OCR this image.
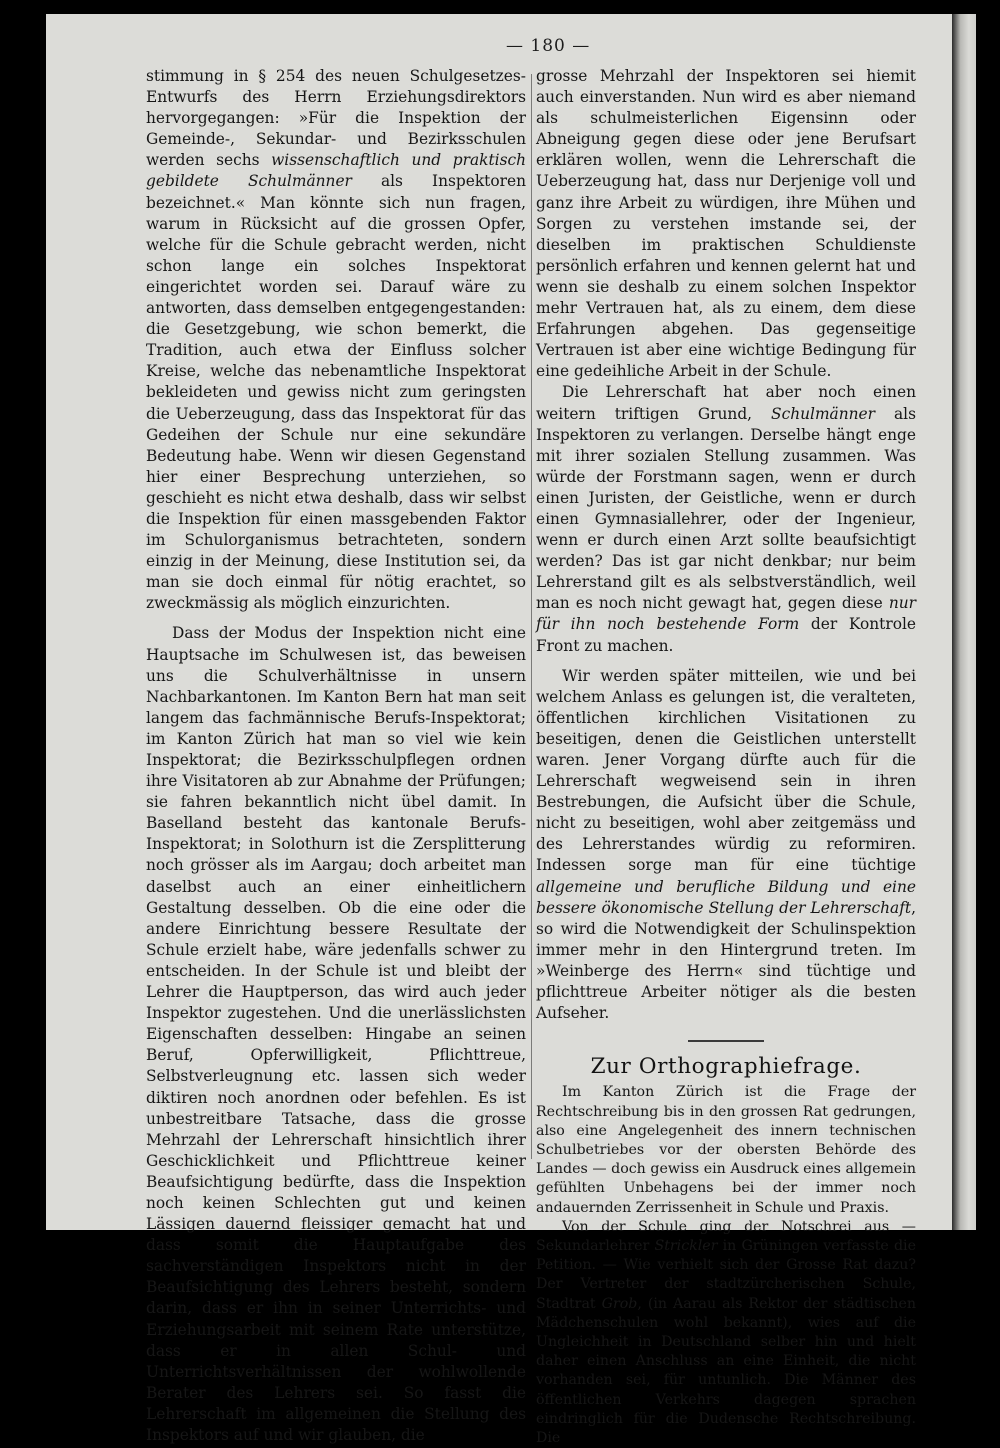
— 180 —

stimmung in § 254 des neuen Schulgesetzes-Entwurfs des Herrn Erziehungsdirektors hervorgegangen: »Für die Inspektion der Gemeinde-, Sekundar- und Bezirksschulen werden sechs wissenschaftlich und praktisch gebildete Schulmänner als Inspektoren bezeichnet.« Man könnte sich nun fragen, warum in Rücksicht auf die grossen Opfer, welche für die Schule gebracht werden, nicht schon lange ein solches Inspektorat eingerichtet worden sei. Darauf wäre zu antworten, dass demselben entgegengestanden: die Gesetzgebung, wie schon bemerkt, die Tradition, auch etwa der Einfluss solcher Kreise, welche das nebenamtliche Inspektorat bekleideten und gewiss nicht zum geringsten die Ueberzeugung, dass das Inspektorat für das Gedeihen der Schule nur eine sekundäre Bedeutung habe. Wenn wir diesen Gegenstand hier einer Besprechung unterziehen, so geschieht es nicht etwa deshalb, dass wir selbst die Inspektion für einen massgebenden Faktor im Schulorganismus betrachteten, sondern einzig in der Meinung, diese Institution sei, da man sie doch einmal für nötig erachtet, so zweckmässig als möglich einzurichten.

Dass der Modus der Inspektion nicht eine Hauptsache im Schulwesen ist, das beweisen uns die Schulverhältnisse in unsern Nachbarkantonen. Im Kanton Bern hat man seit langem das fachmännische Berufs-Inspektorat; im Kanton Zürich hat man so viel wie kein Inspektorat; die Bezirksschulpflegen ordnen ihre Visitatoren ab zur Abnahme der Prüfungen; sie fahren bekanntlich nicht übel damit. In Baselland besteht das kantonale Berufs-Inspektorat; in Solothurn ist die Zersplitterung noch grösser als im Aargau; doch arbeitet man daselbst auch an einer einheitlichern Gestaltung desselben. Ob die eine oder die andere Einrichtung bessere Resultate der Schule erzielt habe, wäre jedenfalls schwer zu entscheiden. In der Schule ist und bleibt der Lehrer die Hauptperson, das wird auch jeder Inspektor zugestehen. Und die unerlässlichsten Eigenschaften desselben: Hingabe an seinen Beruf, Opferwilligkeit, Pflichttreue, Selbstverleugnung etc. lassen sich weder diktiren noch anordnen oder befehlen. Es ist unbestreitbare Tatsache, dass die grosse Mehrzahl der Lehrerschaft hinsichtlich ihrer Geschicklichkeit und Pflichttreue keiner Beaufsichtigung bedürfte, dass die Inspektion noch keinen Schlechten gut und keinen Lässigen dauernd fleissiger gemacht hat und dass somit die Hauptaufgabe des sachverständigen Inspektors nicht in der Beaufsichtigung des Lehrers besteht, sondern darin, dass er ihn in seiner Unterrichts- und Erziehungsarbeit mit seinem Rate unterstütze, dass er in allen Schul- und Unterrichtsverhältnissen der wohlwollende Berater des Lehrers sei. So fasst die Lehrerschaft im allgemeinen die Stellung des Inspektors auf und wir glauben, die

grosse Mehrzahl der Inspektoren sei hiemit auch einverstanden. Nun wird es aber niemand als schulmeisterlichen Eigensinn oder Abneigung gegen diese oder jene Berufsart erklären wollen, wenn die Lehrerschaft die Ueberzeugung hat, dass nur Derjenige voll und ganz ihre Arbeit zu würdigen, ihre Mühen und Sorgen zu verstehen imstande sei, der dieselben im praktischen Schuldienste persönlich erfahren und kennen gelernt hat und wenn sie deshalb zu einem solchen Inspektor mehr Vertrauen hat, als zu einem, dem diese Erfahrungen abgehen. Das gegenseitige Vertrauen ist aber eine wichtige Bedingung für eine gedeihliche Arbeit in der Schule.

Die Lehrerschaft hat aber noch einen weitern triftigen Grund, Schulmänner als Inspektoren zu verlangen. Derselbe hängt enge mit ihrer sozialen Stellung zusammen. Was würde der Forstmann sagen, wenn er durch einen Juristen, der Geistliche, wenn er durch einen Gymnasiallehrer, oder der Ingenieur, wenn er durch einen Arzt sollte beaufsichtigt werden? Das ist gar nicht denkbar; nur beim Lehrerstand gilt es als selbstverständlich, weil man es noch nicht gewagt hat, gegen diese nur für ihn noch bestehende Form der Kontrole Front zu machen.

Wir werden später mitteilen, wie und bei welchem Anlass es gelungen ist, die veralteten, öffentlichen kirchlichen Visitationen zu beseitigen, denen die Geistlichen unterstellt waren. Jener Vorgang dürfte auch für die Lehrerschaft wegweisend sein in ihren Bestrebungen, die Aufsicht über die Schule, nicht zu beseitigen, wohl aber zeitgemäss und des Lehrerstandes würdig zu reformiren. Indessen sorge man für eine tüchtige allgemeine und berufliche Bildung und eine bessere ökonomische Stellung der Lehrerschaft, so wird die Notwendigkeit der Schulinspektion immer mehr in den Hintergrund treten. Im »Weinberge des Herrn« sind tüchtige und pflichttreue Arbeiter nötiger als die besten Aufseher.

Zur Orthographiefrage.

Im Kanton Zürich ist die Frage der Rechtschreibung bis in den grossen Rat gedrungen, also eine Angelegenheit des innern technischen Schulbetriebes vor der obersten Behörde des Landes — doch gewiss ein Ausdruck eines allgemein gefühlten Unbehagens bei der immer noch andauernden Zerrissenheit in Schule und Praxis.

Von der Schule ging der Notschrei aus — Sekundarlehrer Strickler in Grüningen verfasste die Petition. — Wie verhielt sich der Grosse Rat dazu? Der Vertreter der stadtzürcherischen Schule, Stadtrat Grob, (in Aarau als Rektor der städtischen Mädchenschulen wohl bekannt), wies auf die Ungleichheit in Deutschland selber hin und hielt daher einen Anschluss an eine Einheit, die nicht vorhanden sei, für untunlich. Die Männer des öffentlichen Verkehrs dagegen sprachen eindringlich für die Dudensche Rechtschreibung. Die
